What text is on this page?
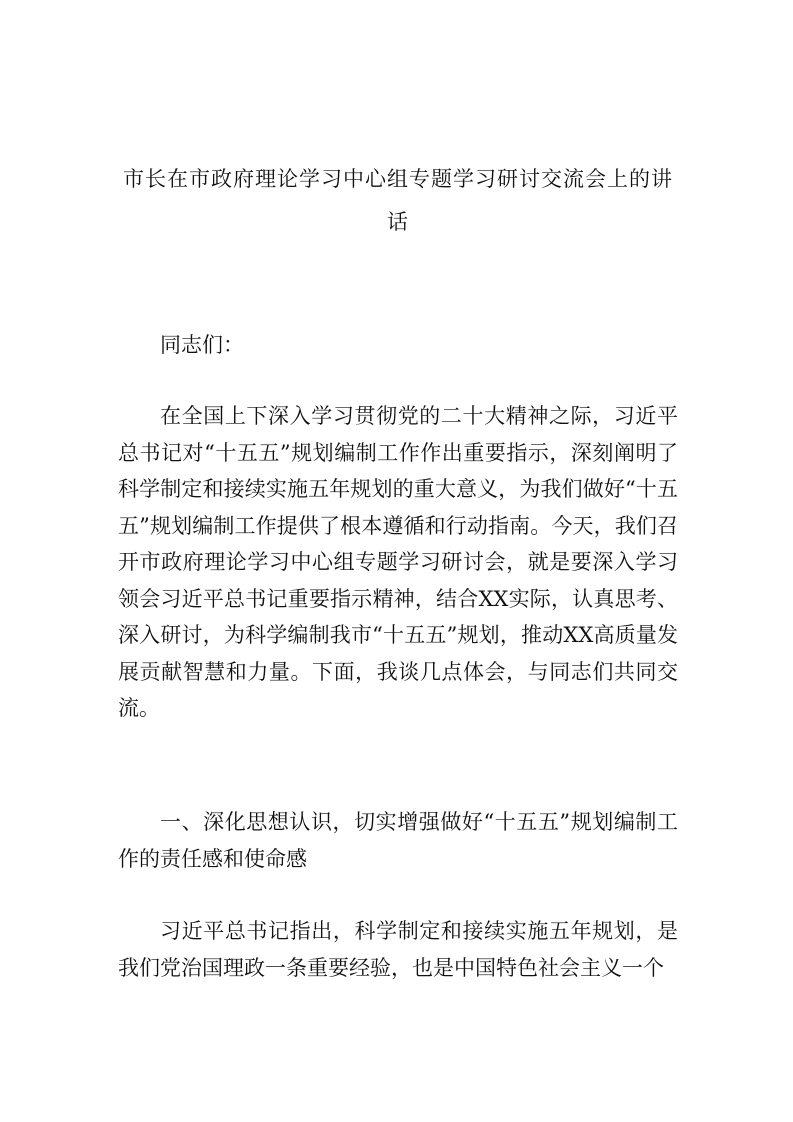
市长在市政府理论学习中心组专题学习研讨交流会上的讲话

同志们：

在全国上下深入学习贯彻党的二十大精神之际，习近平总书记对“十五五”规划编制工作作出重要指示，深刻阐明了科学制定和接续实施五年规划的重大意义，为我们做好“十五五”规划编制工作提供了根本遵循和行动指南。今天，我们召开市政府理论学习中心组专题学习研讨会，就是要深入学习领会习近平总书记重要指示精神，结合XX实际，认真思考、深入研讨，为科学编制我市“十五五”规划，推动XX高质量发展贡献智慧和力量。下面，我谈几点体会，与同志们共同交流。

一、深化思想认识，切实增强做好“十五五”规划编制工作的责任感和使命感

习近平总书记指出，科学制定和接续实施五年规划，是我们党治国理政一条重要经验，也是中国特色社会主义一个
